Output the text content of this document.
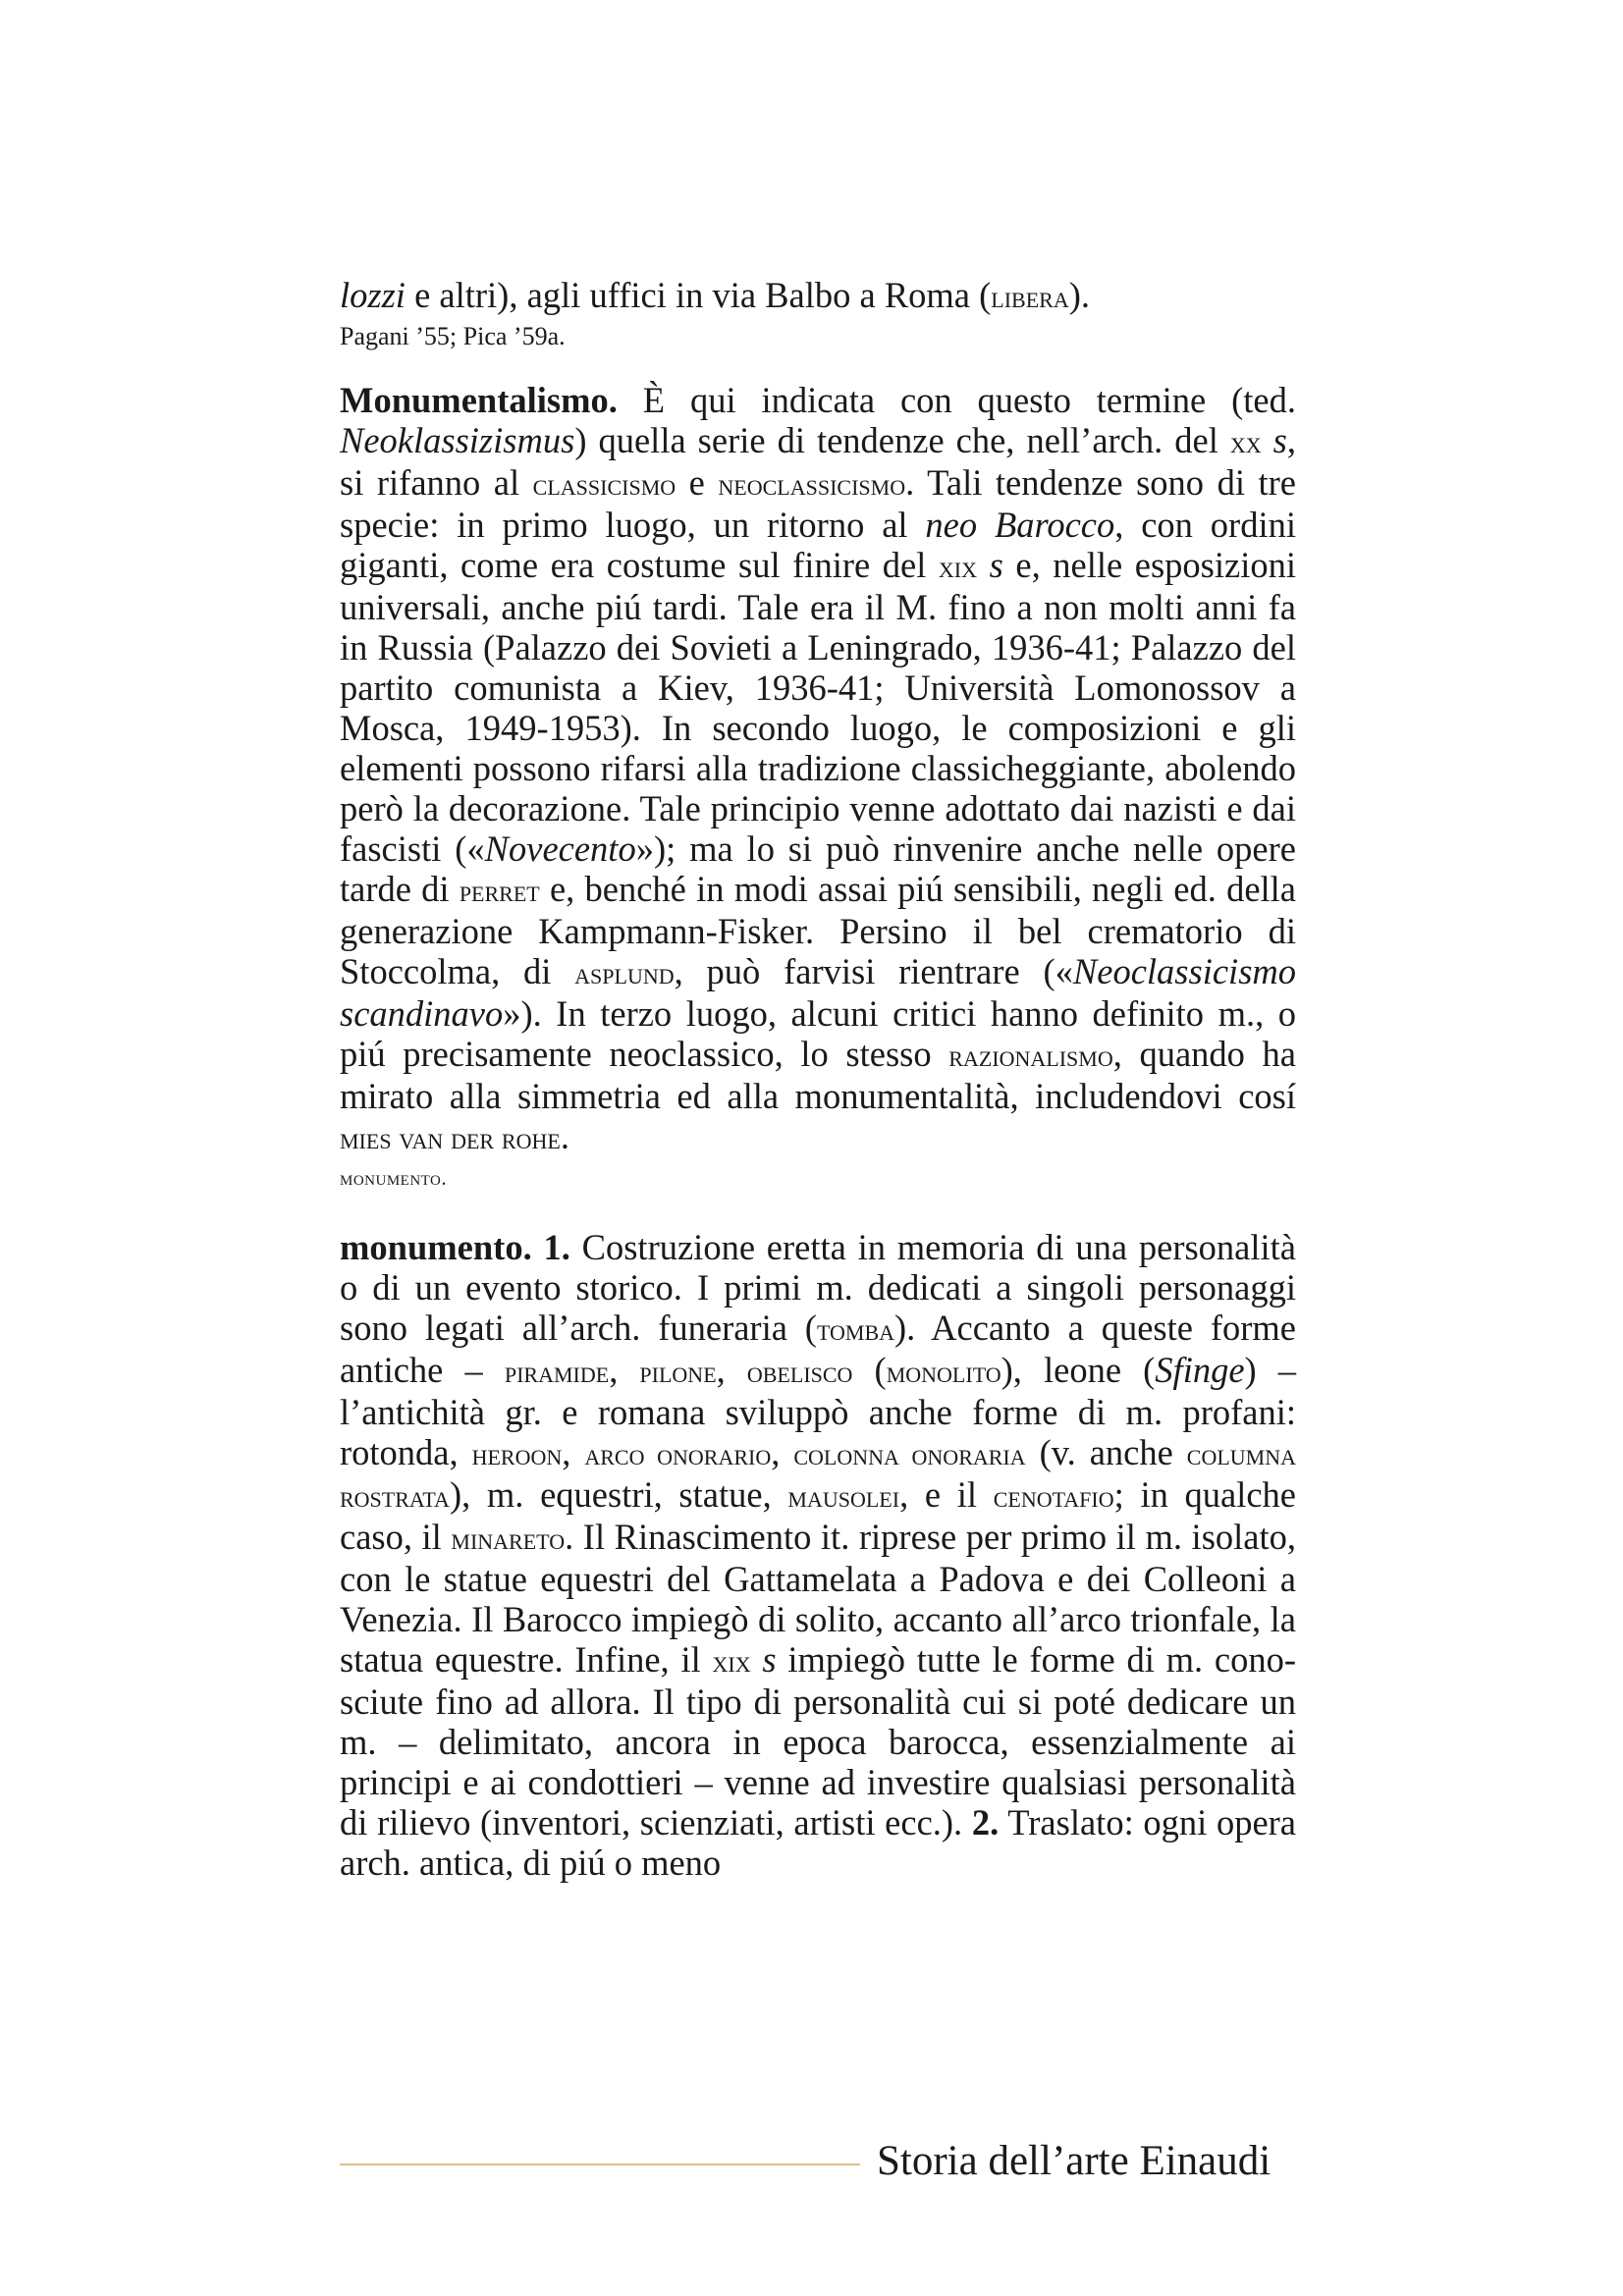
lozzi e altri), agli uffici in via Balbo a Roma (libera).

Pagani ’55; Pica ’59a.

Monumentalismo. È qui indicata con questo termine (ted. Neoklassizismus) quella serie di tendenze che, nell’arch. del xx s, si rifanno al classicismo e neoclassicismo. Tali tendenze sono di tre specie: in primo luogo, un ritorno al neo Barocco, con ordini giganti, come era costume sul finire del xix s e, nelle esposizioni universali, anche piú tardi. Tale era il M. fino a non molti anni fa in Russia (Palazzo dei Sovieti a Leningrado, 1936-41; Palazzo del partito comunista a Kiev, 1936-41; Università Lomonossov a Mosca, 1949-1953). In secondo luogo, le composizioni e gli elementi possono rifarsi alla tradizione classicheggiante, abolendo però la decorazione. Tale principio venne adottato dai nazisti e dai fascisti («Novecento»); ma lo si può rinvenire anche nelle opere tarde di perret e, benché in modi assai piú sensibili, negli ed. della generazione Kampmann-Fisker. Persino il bel crematorio di Stoccolma, di asplund, può farvisi rientrare («Neoclassicismo scandinavo»). In terzo luogo, alcuni critici hanno definito m., o piú precisamente neoclassico, lo stesso razionalismo, quando ha mirato alla simmetria ed alla monumentalità, includendovi cosí mies van der rohe.

monumento.

monumento. 1. Costruzione eretta in memoria di una personalità o di un evento storico. I primi m. dedicati a singoli personaggi sono legati all’arch. funeraria (tomba). Accanto a queste forme antiche – piramide, pilone, obelisco (monolito), leone (Sfinge) – l’antichità gr. e romana sviluppò anche forme di m. profani: rotonda, heroon, arco onorario, colonna onoraria (v. anche columna rostrata), m. equestri, statue, mausolei, e il cenotafio; in qualche caso, il minareto. Il Rinascimento it. riprese per primo il m. isolato, con le statue equestri del Gattamelata a Padova e dei Colleoni a Venezia. Il Barocco impiegò di solito, accanto all’arco trionfale, la statua equestre. Infine, il xix s impiegò tutte le forme di m. conosciute fino ad allora. Il tipo di personalità cui si poté dedicare un m. – delimitato, ancora in epoca barocca, essenzialmente ai principi e ai condottieri – venne ad investire qualsiasi personalità di rilievo (inventori, scienziati, artisti ecc.). 2. Traslato: ogni opera arch. antica, di piú o meno

Storia dell’arte Einaudi
